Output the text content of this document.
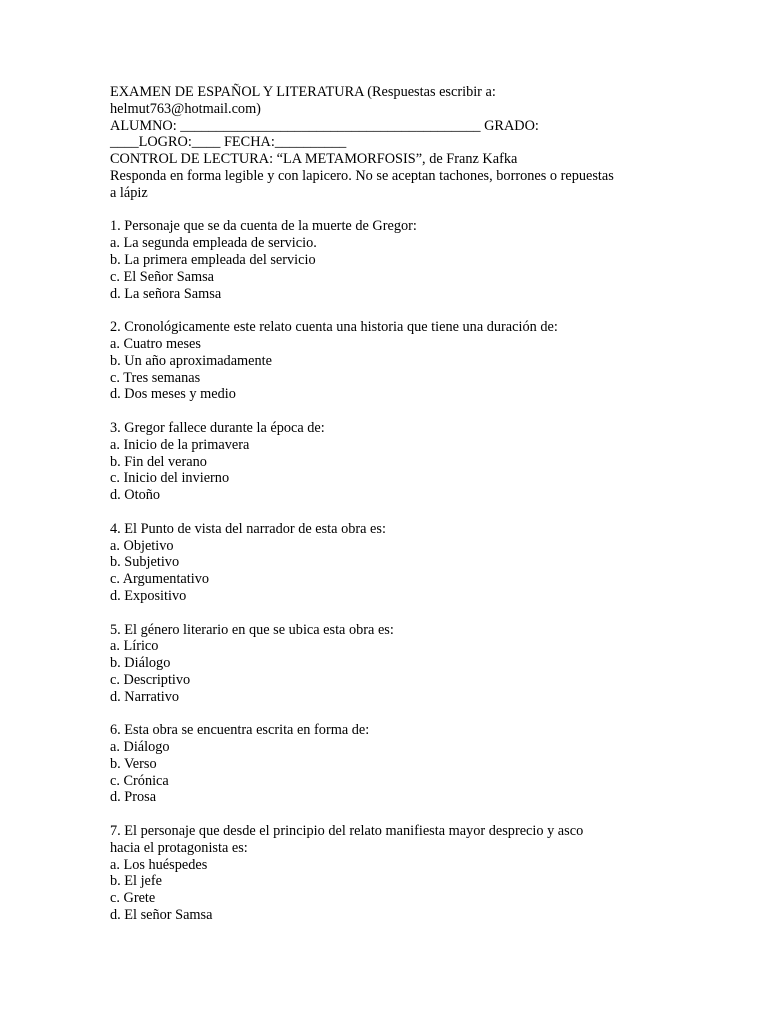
EXAMEN DE ESPAÑOL Y LITERATURA (Respuestas escribir a:
helmut763@hotmail.com)
ALUMNO: __________________________________________ GRADO:
____LOGRO:____ FECHA:__________
CONTROL DE LECTURA: “LA METAMORFOSIS”, de Franz Kafka
Responda en forma legible y con lapicero. No se aceptan tachones, borrones o repuestas
a lápiz
1. Personaje que se da cuenta de la muerte de Gregor:
a. La segunda empleada de servicio.
b. La primera empleada del servicio
c. El Señor Samsa
d. La señora Samsa
2. Cronológicamente este relato cuenta una historia que tiene una duración de:
a. Cuatro meses
b. Un año aproximadamente
c. Tres semanas
d. Dos meses y medio
3. Gregor fallece durante la época de:
a. Inicio de la primavera
b. Fin del verano
c. Inicio del invierno
d. Otoño
4. El Punto de vista del narrador de esta obra es:
a. Objetivo
b. Subjetivo
c. Argumentativo
d. Expositivo
5. El género literario en que se ubica esta obra es:
a. Lírico
b. Diálogo
c. Descriptivo
d. Narrativo
6. Esta obra se encuentra escrita en forma de:
a. Diálogo
b. Verso
c. Crónica
d. Prosa
7. El personaje que desde el principio del relato manifiesta mayor desprecio y asco
hacia el protagonista es:
a. Los huéspedes
b. El jefe
c. Grete
d. El señor Samsa
